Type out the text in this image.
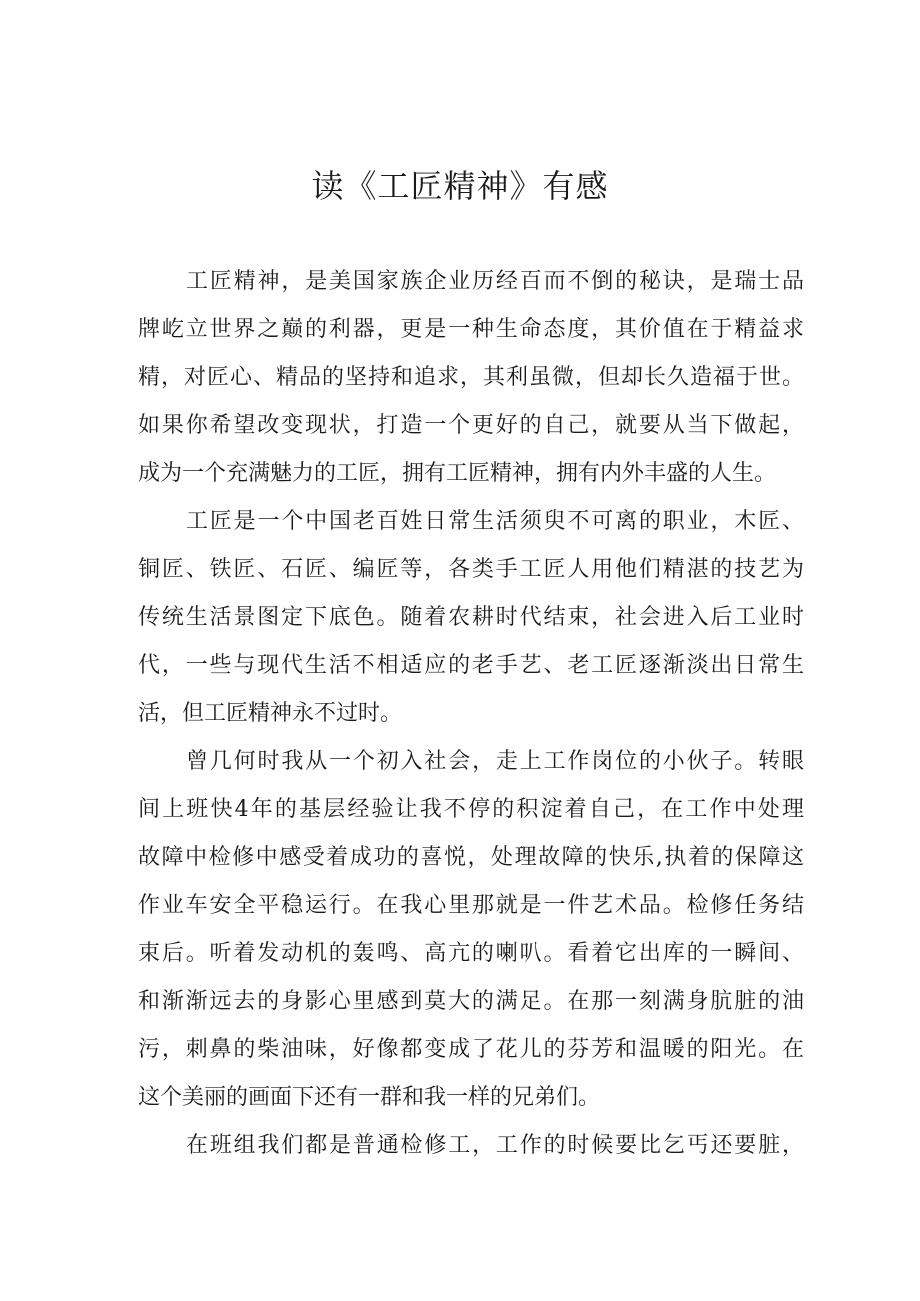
读《工匠精神》有感
工匠精神，是美国家族企业历经百而不倒的秘诀，是瑞士品
牌屹立世界之巅的利器，更是一种生命态度，其价值在于精益求
精，对匠心、精品的坚持和追求，其利虽微，但却长久造福于世。
如果你希望改变现状，打造一个更好的自己，就要从当下做起，
成为一个充满魅力的工匠，拥有工匠精神，拥有内外丰盛的人生。
工匠是一个中国老百姓日常生活须臾不可离的职业，木匠、
铜匠、铁匠、石匠、编匠等，各类手工匠人用他们精湛的技艺为
传统生活景图定下底色。随着农耕时代结束，社会进入后工业时
代，一些与现代生活不相适应的老手艺、老工匠逐渐淡出日常生
活，但工匠精神永不过时。
曾几何时我从一个初入社会，走上工作岗位的小伙子。转眼
间上班快4年的基层经验让我不停的积淀着自己，在工作中处理
故障中检修中感受着成功的喜悦，处理故障的快乐,执着的保障这
作业车安全平稳运行。在我心里那就是一件艺术品。检修任务结
束后。听着发动机的轰鸣、高亢的喇叭。看着它出库的一瞬间、
和渐渐远去的身影心里感到莫大的满足。在那一刻满身肮脏的油
污，刺鼻的柴油味，好像都变成了花儿的芬芳和温暖的阳光。在
这个美丽的画面下还有一群和我一样的兄弟们。
在班组我们都是普通检修工，工作的时候要比乞丐还要脏，
